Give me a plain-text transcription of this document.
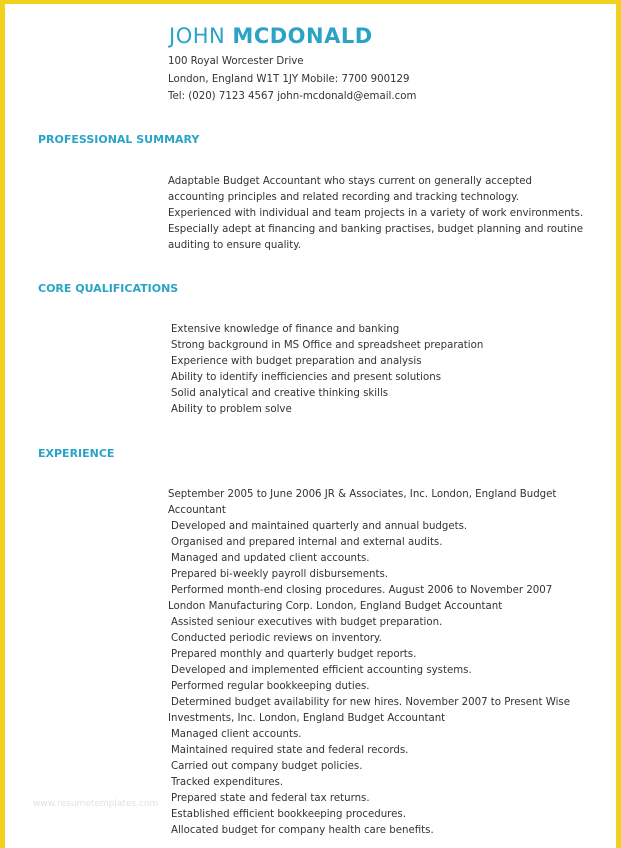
JOHN MCDONALD
100 Royal Worcester Drive
London, England W1T 1JY Mobile: 7700 900129
Tel: (020) 7123 4567 john-mcdonald@email.com
PROFESSIONAL SUMMARY
Adaptable Budget Accountant who stays current on generally accepted
accounting principles and related recording and tracking technology.
Experienced with individual and team projects in a variety of work environments.
Especially adept at financing and banking practises, budget planning and routine
auditing to ensure quality.
CORE QUALIFICATIONS
Extensive knowledge of finance and banking
Strong background in MS Office and spreadsheet preparation
Experience with budget preparation and analysis
Ability to identify inefficiencies and present solutions
Solid analytical and creative thinking skills
Ability to problem solve
EXPERIENCE
September 2005 to June 2006 JR & Associates, Inc. London, England Budget
Accountant
Developed and maintained quarterly and annual budgets.
Organised and prepared internal and external audits.
Managed and updated client accounts.
Prepared bi-weekly payroll disbursements.
Performed month-end closing procedures. August 2006 to November 2007
London Manufacturing Corp. London, England Budget Accountant
Assisted seniour executives with budget preparation.
Conducted periodic reviews on inventory.
Prepared monthly and quarterly budget reports.
Developed and implemented efficient accounting systems.
Performed regular bookkeeping duties.
Determined budget availability for new hires. November 2007 to Present Wise
Investments, Inc. London, England Budget Accountant
Managed client accounts.
Maintained required state and federal records.
Carried out company budget policies.
Tracked expenditures.
Prepared state and federal tax returns.
Established efficient bookkeeping procedures.
Allocated budget for company health care benefits.
www.resumetemplates.com
